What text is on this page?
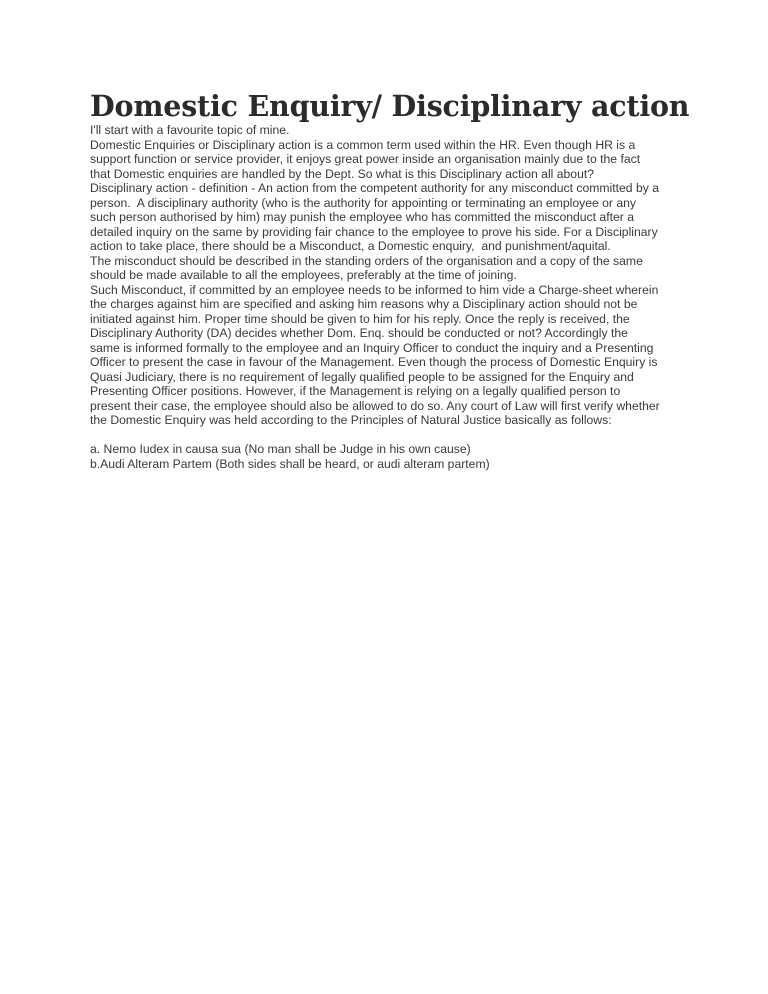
Domestic Enquiry/ Disciplinary action
I'll start with a favourite topic of mine.
Domestic Enquiries or Disciplinary action is a common term used within the HR. Even though HR is a
support function or service provider, it enjoys great power inside an organisation mainly due to the fact
that Domestic enquiries are handled by the Dept. So what is this Disciplinary action all about?
Disciplinary action - definition - An action from the competent authority for any misconduct committed by a
person.  A disciplinary authority (who is the authority for appointing or terminating an employee or any
such person authorised by him) may punish the employee who has committed the misconduct after a
detailed inquiry on the same by providing fair chance to the employee to prove his side. For a Disciplinary
action to take place, there should be a Misconduct, a Domestic enquiry,  and punishment/aquital.
The misconduct should be described in the standing orders of the organisation and a copy of the same
should be made available to all the employees, preferably at the time of joining.
Such Misconduct, if committed by an employee needs to be informed to him vide a Charge-sheet wherein
the charges against him are specified and asking him reasons why a Disciplinary action should not be
initiated against him. Proper time should be given to him for his reply. Once the reply is received, the
Disciplinary Authority (DA) decides whether Dom. Enq. should be conducted or not? Accordingly the
same is informed formally to the employee and an Inquiry Officer to conduct the inquiry and a Presenting
Officer to present the case in favour of the Management. Even though the process of Domestic Enquiry is
Quasi Judiciary, there is no requirement of legally qualified people to be assigned for the Enquiry and
Presenting Officer positions. However, if the Management is relying on a legally qualified person to
present their case, the employee should also be allowed to do so. Any court of Law will first verify whether
the Domestic Enquiry was held according to the Principles of Natural Justice basically as follows:
a. Nemo Iudex in causa sua (No man shall be Judge in his own cause)
b.Audi Alteram Partem (Both sides shall be heard, or audi alteram partem)
